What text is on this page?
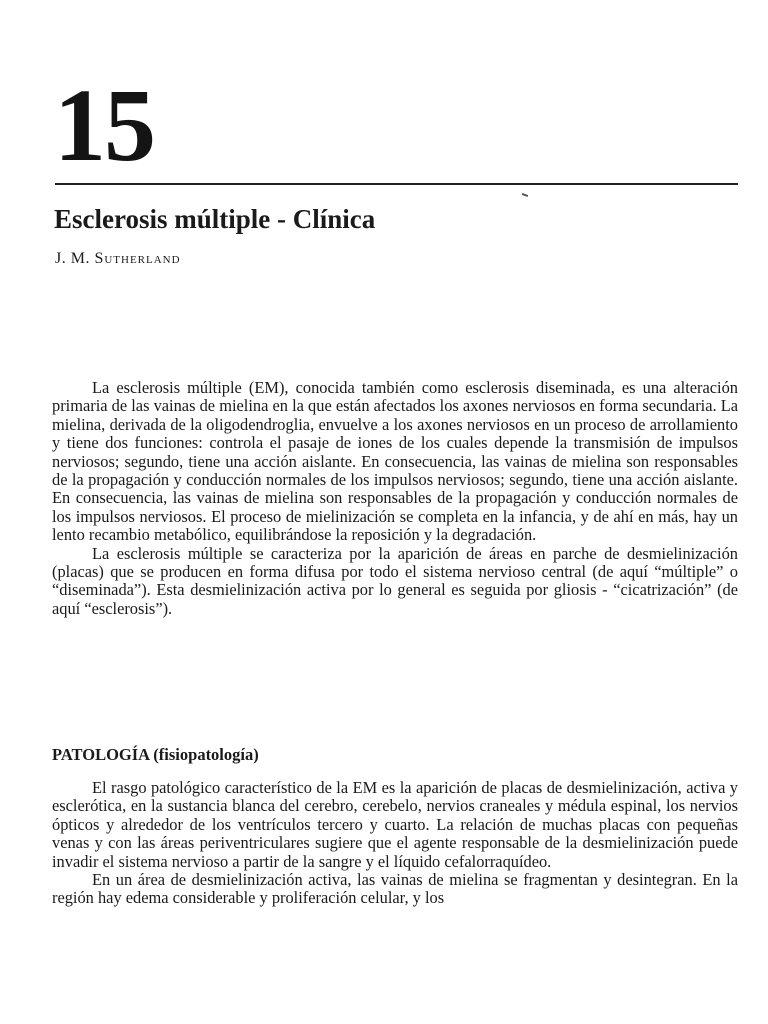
15
Esclerosis múltiple - Clínica
J. M. Sutherland

La esclerosis múltiple (EM), conocida también como esclerosis diseminada, es una alteración primaria de las vainas de mielina en la que están afectados los axones nerviosos en forma secundaria. La mielina, derivada de la oligodendroglia, envuelve a los axones nerviosos en un proceso de arrollamiento y tiene dos funciones: controla el pasaje de iones de los cuales depende la transmisión de impulsos nerviosos; segundo, tiene una acción aislante. En consecuencia, las vainas de mielina son responsables de la propagación y conducción normales de los impulsos nerviosos; segundo, tiene una acción aislante. En consecuencia, las vainas de mielina son responsables de la propagación y conducción normales de los impulsos nerviosos. El proceso de mielinización se completa en la infancia, y de ahí en más, hay un lento recambio metabólico, equilibrándose la reposición y la degradación.

La esclerosis múltiple se caracteriza por la aparición de áreas en parche de desmielinización (placas) que se producen en forma difusa por todo el sistema nervioso central (de aquí “múltiple” o “diseminada”). Esta desmielinización activa por lo general es seguida por gliosis - “cicatrización” (de aquí “esclerosis”).

PATOLOGÍA (fisiopatología)

El rasgo patológico característico de la EM es la aparición de placas de desmielinización, activa y esclerótica, en la sustancia blanca del cerebro, cerebelo, nervios craneales y médula espinal, los nervios ópticos y alrededor de los ventrículos tercero y cuarto. La relación de muchas placas con pequeñas venas y con las áreas periventriculares sugiere que el agente responsable de la desmielinización puede invadir el sistema nervioso a partir de la sangre y el líquido cefalorraquídeo.

En un área de desmielinización activa, las vainas de mielina se fragmentan y desintegran. En la región hay edema considerable y proliferación celular, y los
